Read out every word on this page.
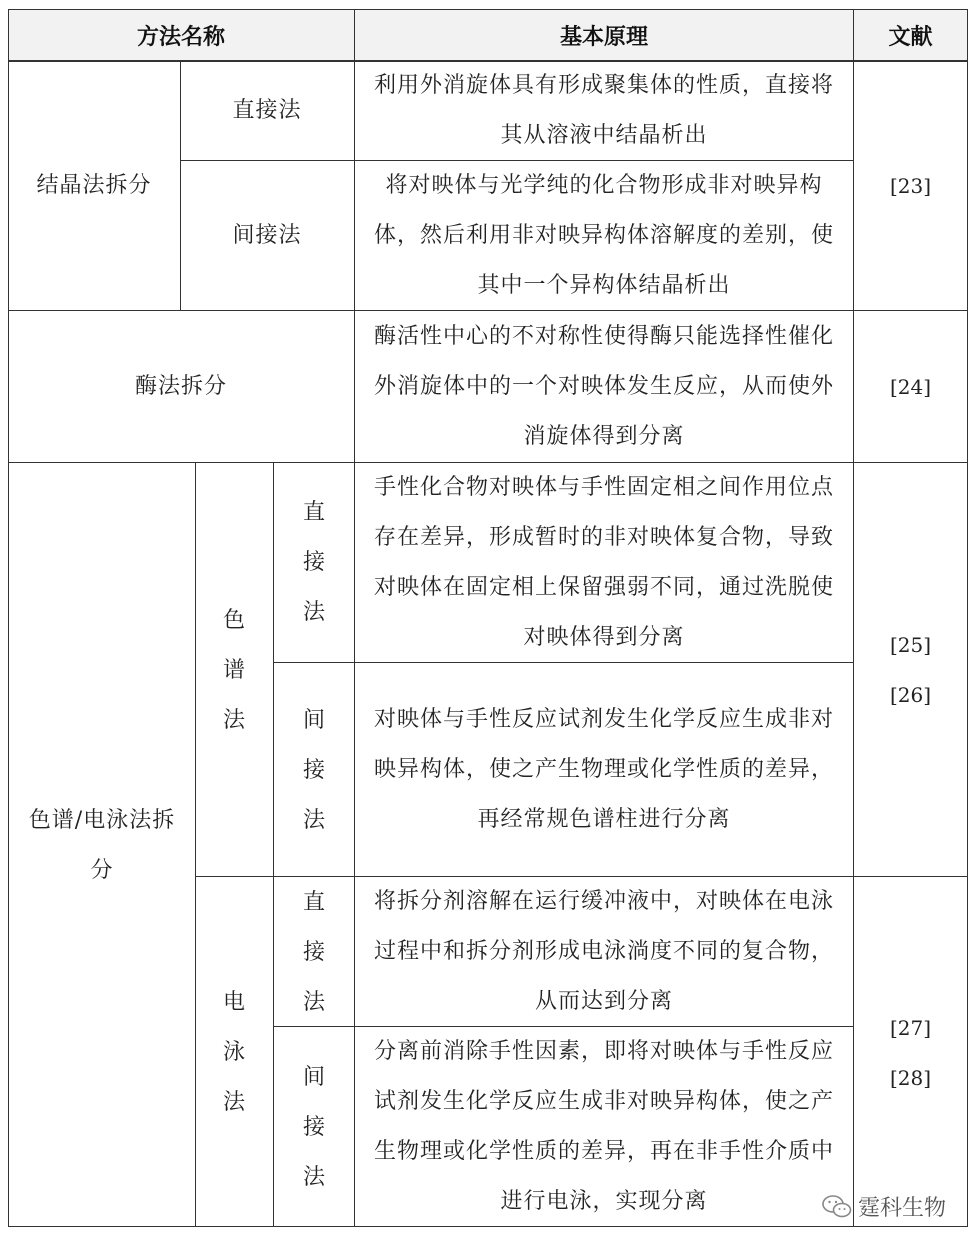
方法名称	基本原理	文献
结晶法拆分
直接法
利用外消旋体具有形成聚集体的性质，直接将其从溶液中结晶析出
间接法
将对映体与光学纯的化合物形成非对映异构体，然后利用非对映异构体溶解度的差别，使其中一个异构体结晶析出
[23]
酶法拆分
酶活性中心的不对称性使得酶只能选择性催化外消旋体中的一个对映体发生反应，从而使外消旋体得到分离
[24]
色谱/电泳法拆分
色谱法
直接法
手性化合物对映体与手性固定相之间作用位点存在差异，形成暂时的非对映体复合物，导致对映体在固定相上保留强弱不同，通过洗脱使对映体得到分离
间接法
对映体与手性反应试剂发生化学反应生成非对映异构体，使之产生物理或化学性质的差异，再经常规色谱柱进行分离
[25]
[26]
电泳法
直接法
将拆分剂溶解在运行缓冲液中，对映体在电泳过程中和拆分剂形成电泳淌度不同的复合物，从而达到分离
间接法
分离前消除手性因素，即将对映体与手性反应试剂发生化学反应生成非对映异构体，使之产生物理或化学性质的差异，再在非手性介质中进行电泳，实现分离
[27]
[28]
霆科生物
